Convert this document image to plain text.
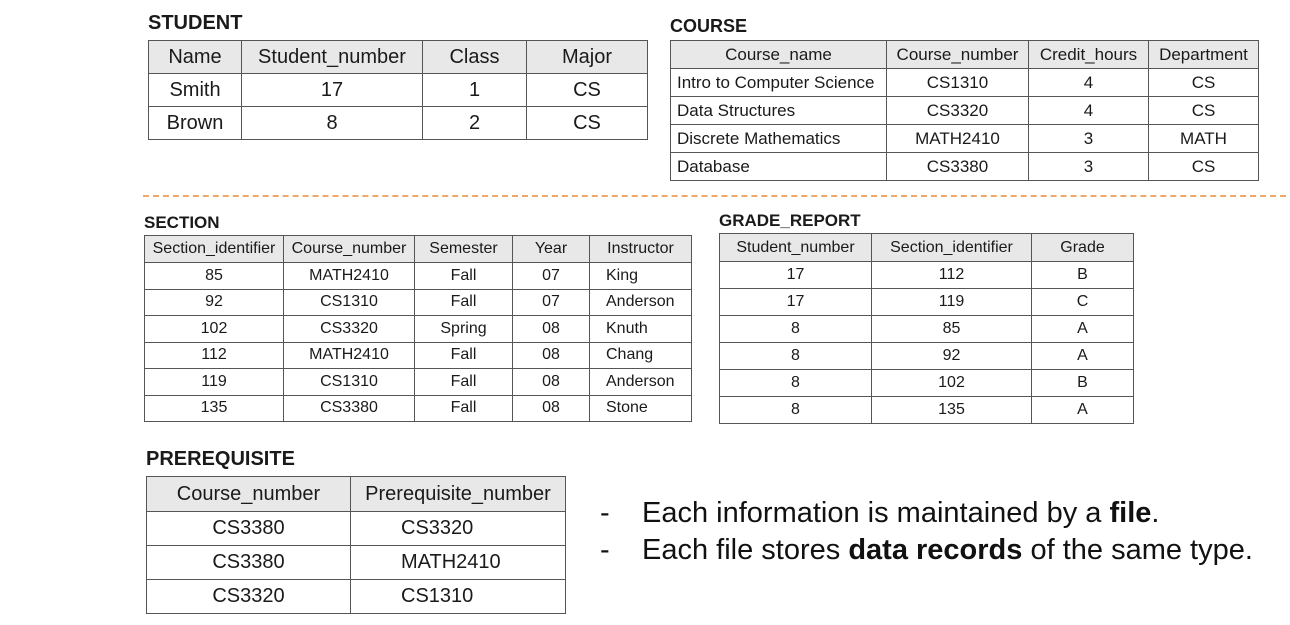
STUDENT
Name	Student_number	Class	Major
Smith	17	1	CS
Brown	8	2	CS
COURSE
Course_name	Course_number	Credit_hours	Department
Intro to Computer Science	CS1310	4	CS
Data Structures	CS3320	4	CS
Discrete Mathematics	MATH2410	3	MATH
Database	CS3380	3	CS
SECTION
Section_identifier	Course_number	Semester	Year	Instructor
85	MATH2410	Fall	07	King
92	CS1310	Fall	07	Anderson
102	CS3320	Spring	08	Knuth
112	MATH2410	Fall	08	Chang
119	CS1310	Fall	08	Anderson
135	CS3380	Fall	08	Stone
GRADE_REPORT
Student_number	Section_identifier	Grade
17	112	B
17	119	C
8	85	A
8	92	A
8	102	B
8	135	A
PREREQUISITE
Course_number	Prerequisite_number
CS3380	CS3320
CS3380	MATH2410
CS3320	CS1310
-	Each information is maintained by a file.
-	Each file stores data records of the same type.
